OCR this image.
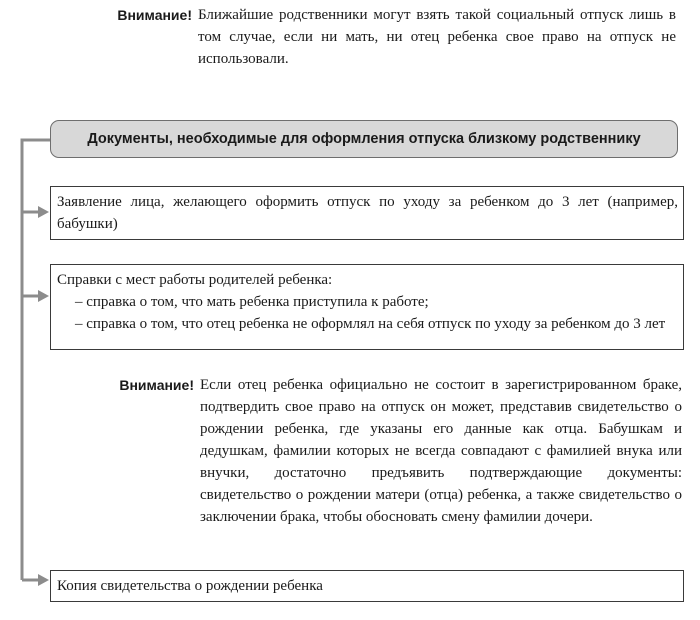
Внимание! Ближайшие родственники могут взять такой социальный отпуск лишь в том случае, если ни мать, ни отец ребенка свое право на отпуск не использовали.
Документы, необходимые для оформления отпуска близкому родственнику
Заявление лица, желающего оформить отпуск по уходу за ребенком до 3 лет (например, бабушки)
Справки с мест работы родителей ребенка:
– справка о том, что мать ребенка приступила к работе;
– справка о том, что отец ребенка не оформлял на себя отпуск по уходу за ребенком до 3 лет
Внимание! Если отец ребенка официально не состоит в зарегистрированном браке, подтвердить свое право на отпуск он может, представив свидетельство о рождении ребенка, где указаны его данные как отца. Бабушкам и дедушкам, фамилии которых не всегда совпадают с фамилией внука или внучки, достаточно предъявить подтверждающие документы: свидетельство о рождении матери (отца) ребенка, а также свидетельство о заключении брака, чтобы обосновать смену фамилии дочери.
Копия свидетельства о рождении ребенка
